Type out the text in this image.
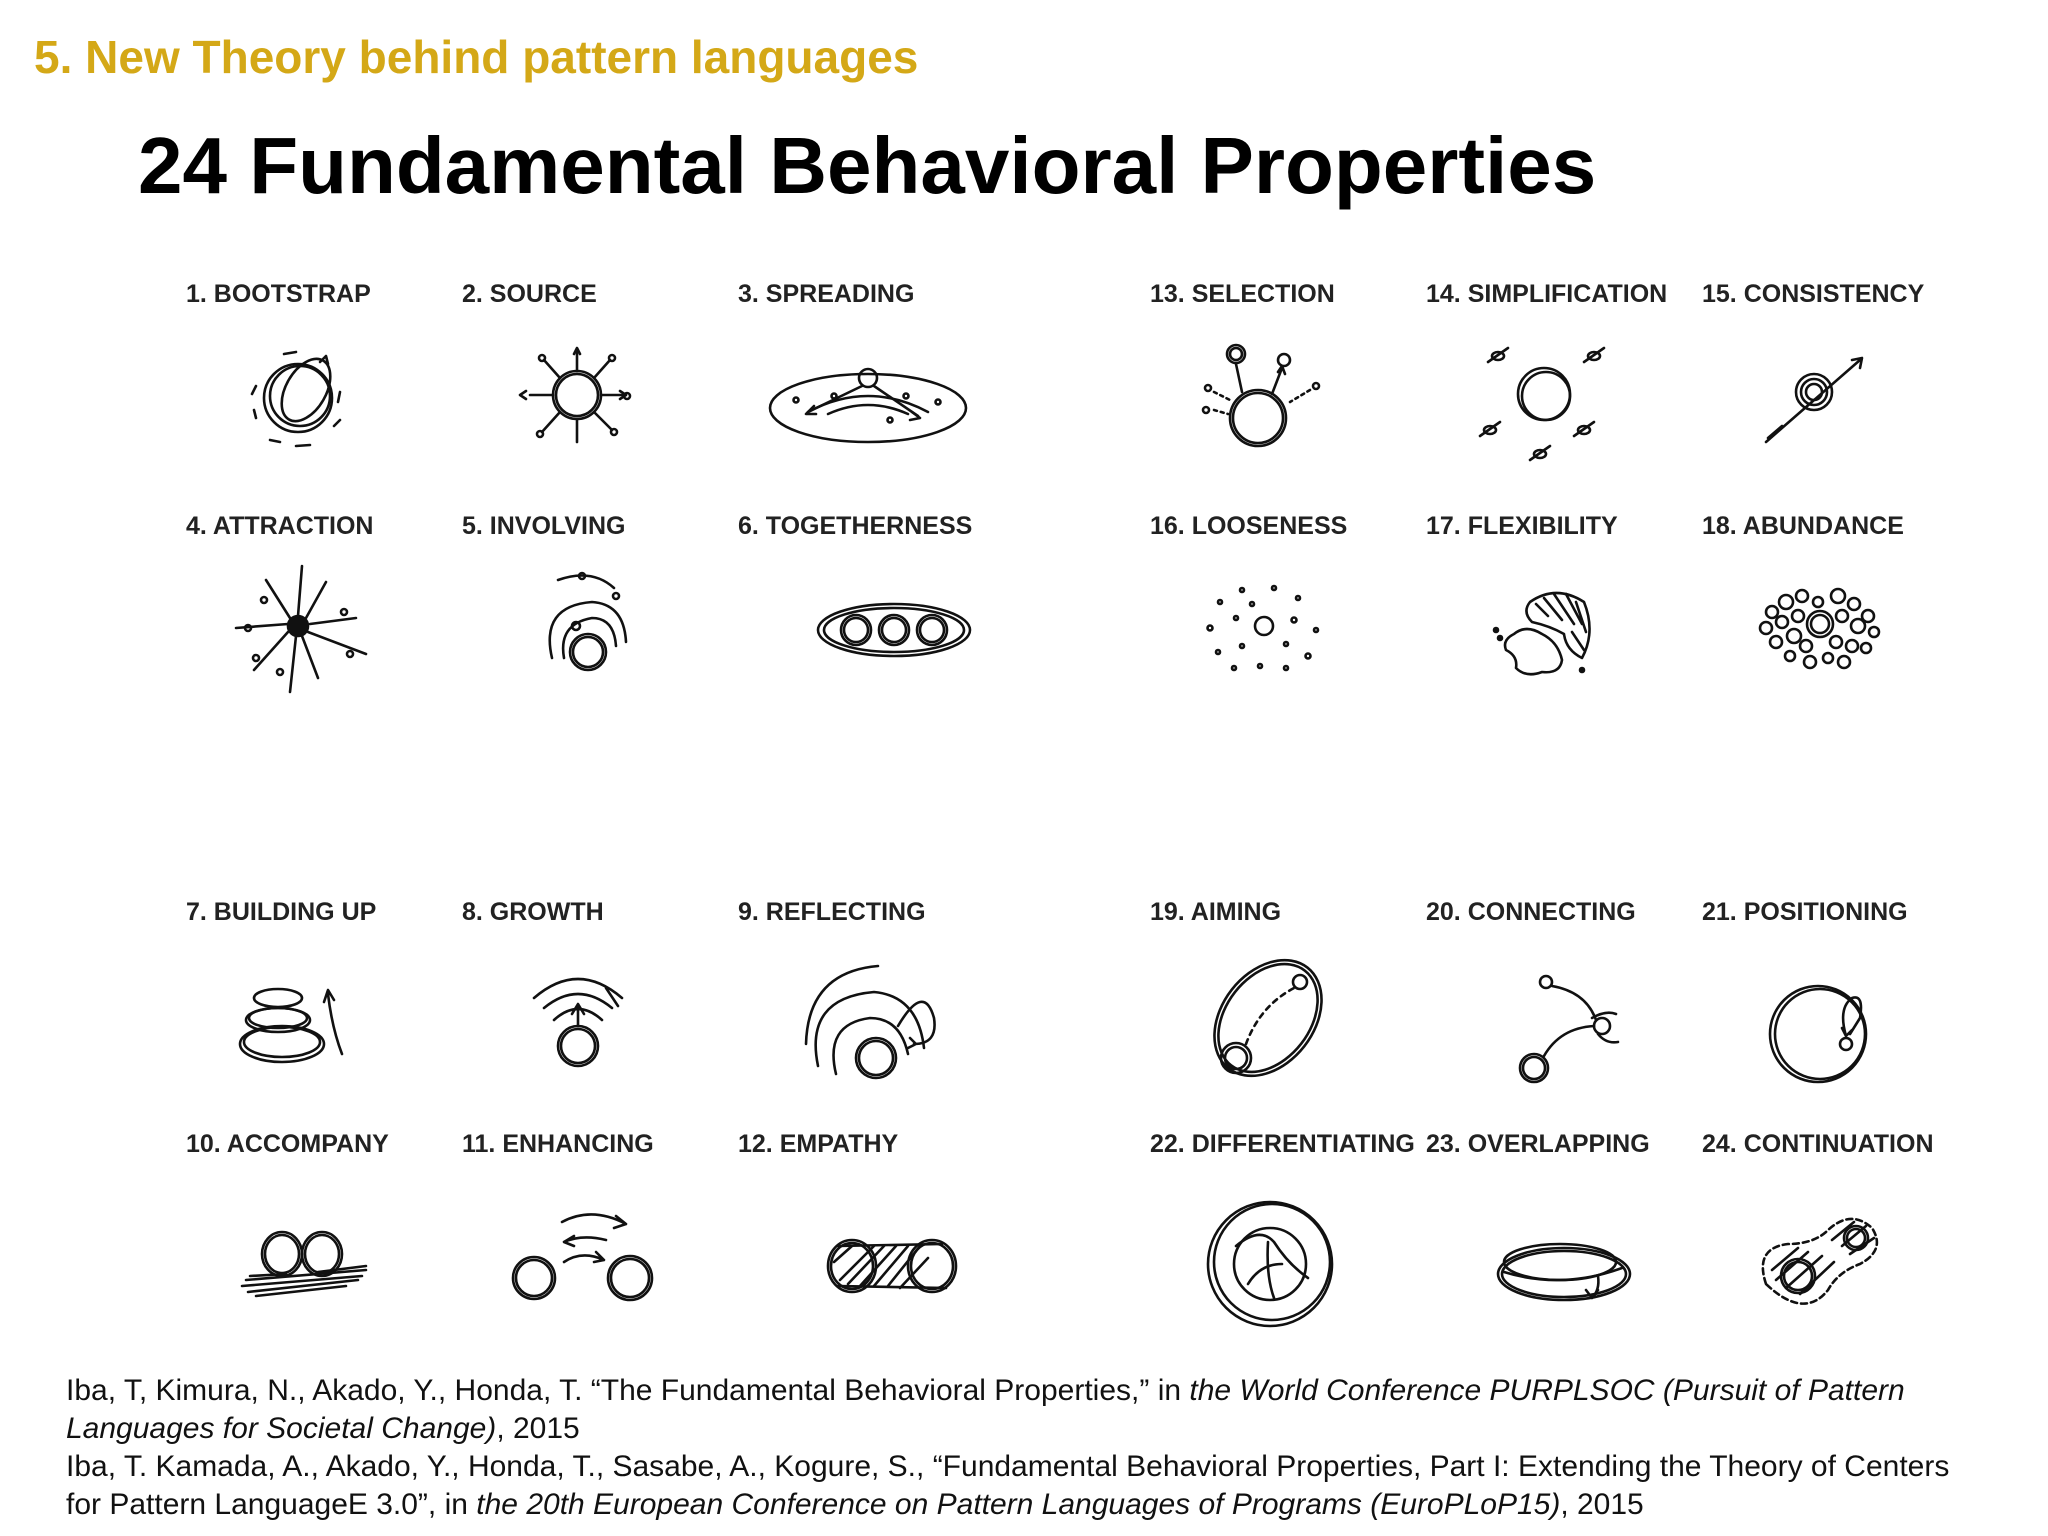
5. New Theory behind pattern languages
24 Fundamental Behavioral Properties
1. BOOTSTRAP	2. SOURCE	3. SPREADING	13. SELECTION	14. SIMPLIFICATION 15. CONSISTENCY
4. ATTRACTION	5. INVOLVING	6. TOGETHERNESS	16. LOOSENESS	17. FLEXIBILITY	18. ABUNDANCE
7. BUILDING UP	8. GROWTH	9. REFLECTING	19. AIMING	20. CONNECTING	21. POSITIONING
10. ACCOMPANY	11. ENHANCING	12. EMPATHY	22. DIFFERENTIATING 23. OVERLAPPING 24. CONTINUATION

Iba, T, Kimura, N., Akado, Y., Honda, T. “The Fundamental Behavioral Properties,” in the World Conference PURPLSOC (Pursuit of Pattern Languages for Societal Change), 2015

Iba, T. Kamada, A., Akado, Y., Honda, T., Sasabe, A., Kogure, S., “Fundamental Behavioral Properties, Part I: Extending the Theory of Centers for Pattern LanguageE 3.0”, in the 20th European Conference on Pattern Languages of Programs (EuroPLoP15), 2015
